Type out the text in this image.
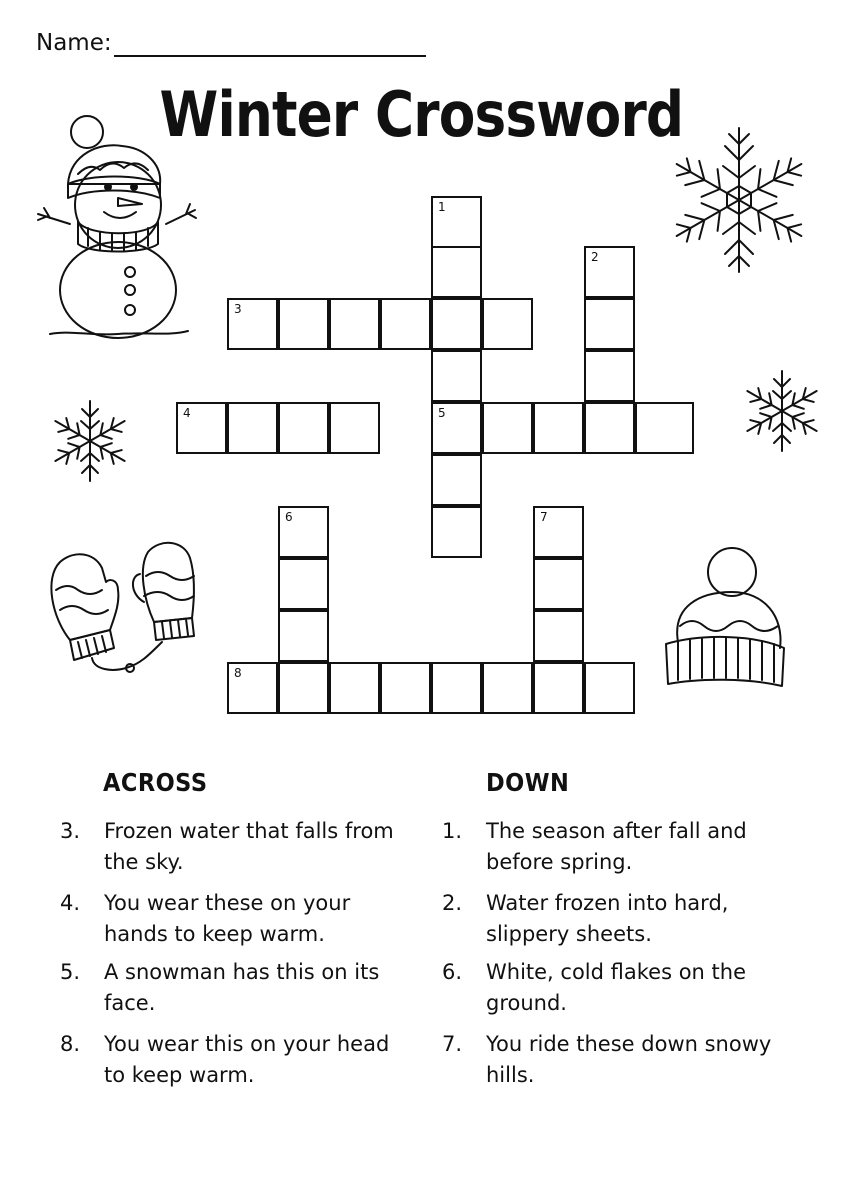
Name:
Winter Crossword
1
2
3
4	5
6	7
8
ACROSS	DOWN
3. Frozen water that falls from the sky.
4. You wear these on your hands to keep warm.
5. A snowman has this on its face.
8. You wear this on your head to keep warm.
1. The season after fall and before spring.
2. Water frozen into hard, slippery sheets.
6. White, cold flakes on the ground.
7. You ride these down snowy hills.
